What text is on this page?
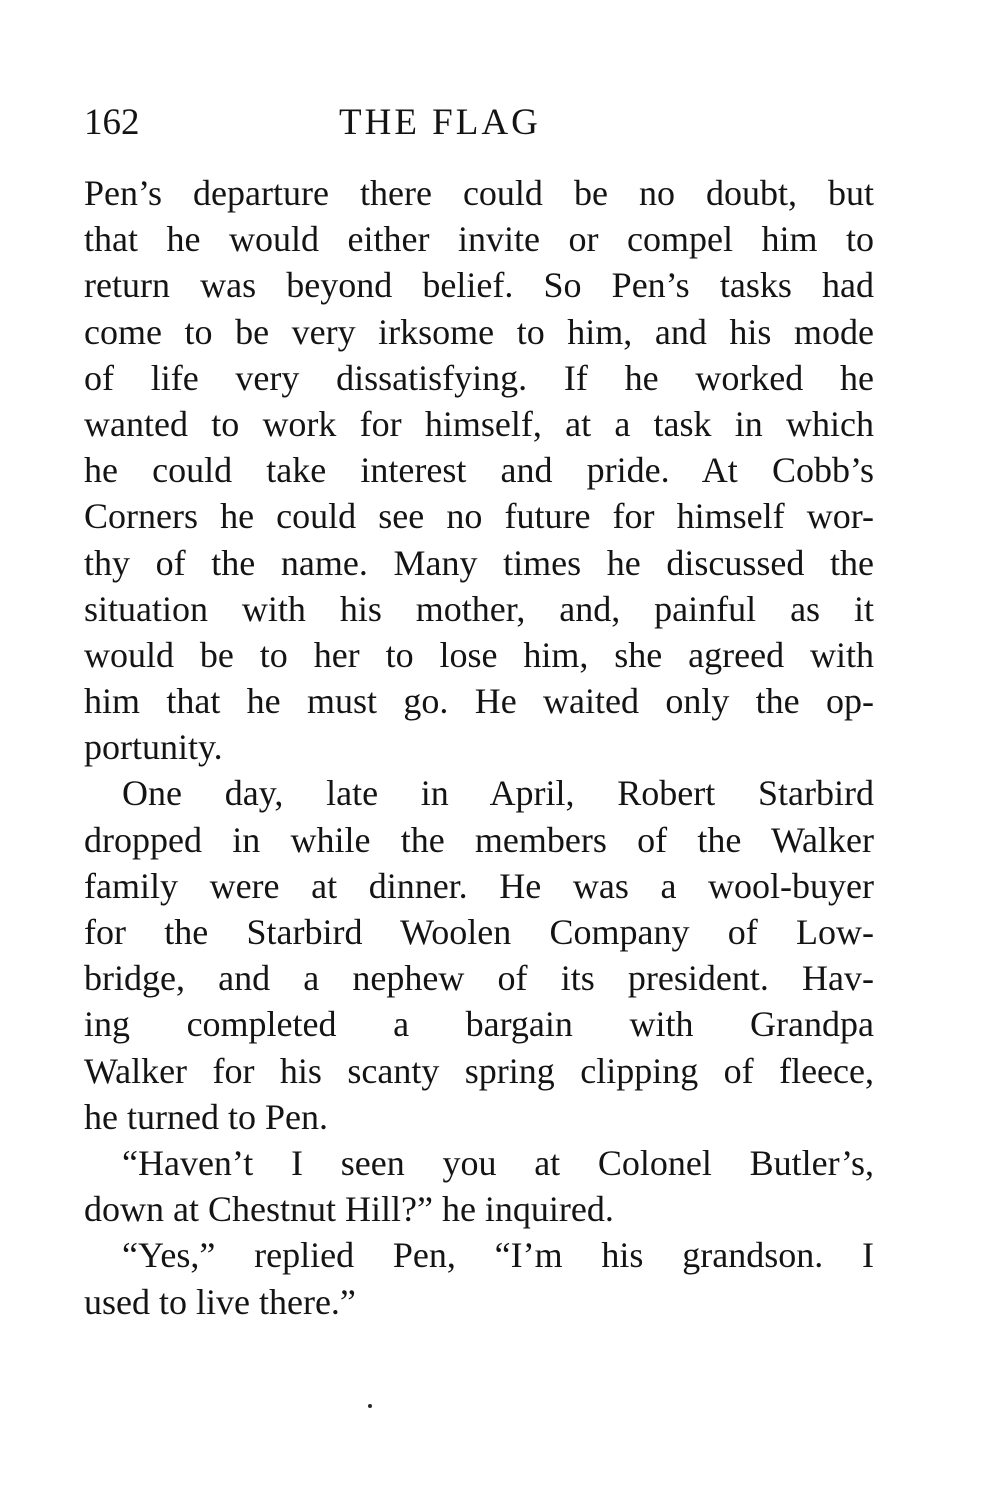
162	THE FLAG
Pen’s departure there could be no doubt, but
that he would either invite or compel him to
return was beyond belief. So Pen’s tasks had
come to be very irksome to him, and his mode
of life very dissatisfying. If he worked he
wanted to work for himself, at a task in which
he could take interest and pride. At Cobb’s
Corners he could see no future for himself wor-
thy of the name. Many times he discussed the
situation with his mother, and, painful as it
would be to her to lose him, she agreed with
him that he must go. He waited only the op-
portunity.
One day, late in April, Robert Starbird
dropped in while the members of the Walker
family were at dinner. He was a wool-buyer
for the Starbird Woolen Company of Low-
bridge, and a nephew of its president. Hav-
ing completed a bargain with Grandpa
Walker for his scanty spring clipping of fleece,
he turned to Pen.
“Haven’t I seen you at Colonel Butler’s,
down at Chestnut Hill?” he inquired.
“Yes,” replied Pen, “I’m his grandson. I
used to live there.”
